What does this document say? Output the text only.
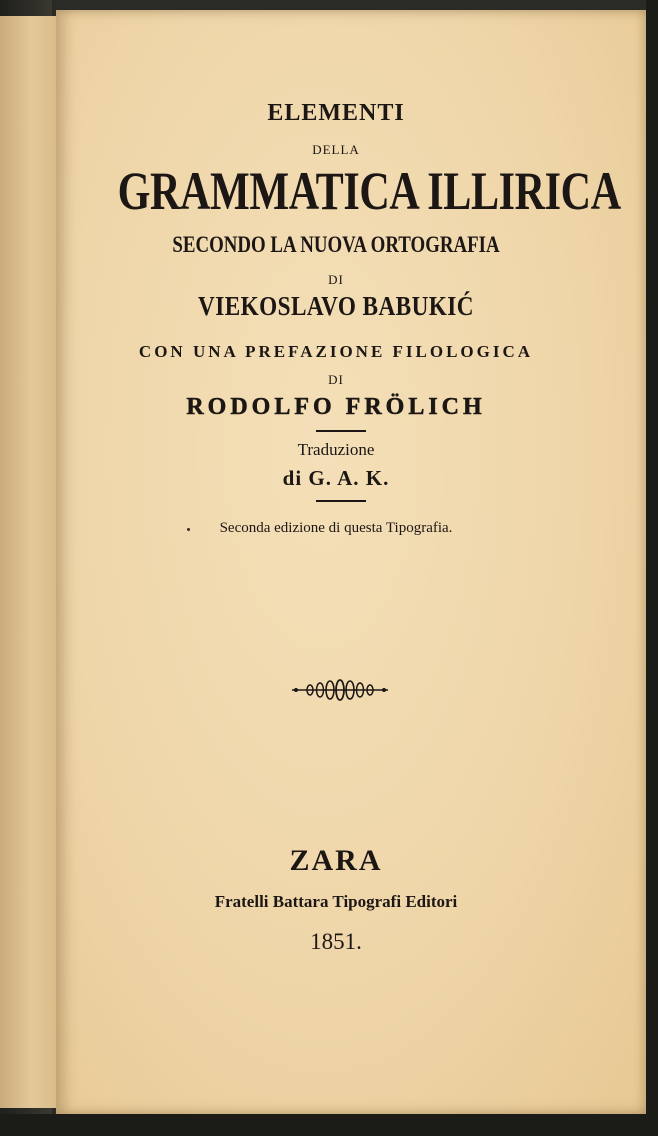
ELEMENTI
DELLA
GRAMMATICA ILLIRICA
SECONDO LA NUOVA ORTOGRAFIA
DI
VIEKOSLAVO BABUKIĆ
CON UNA PREFAZIONE FILOLOGICA
DI
RODOLFO FRÖLICH
Traduzione
di G. A. K.
Seconda edizione di questa Tipografia.
ZARA
Fratelli Battara Tipografi Editori
1851.
